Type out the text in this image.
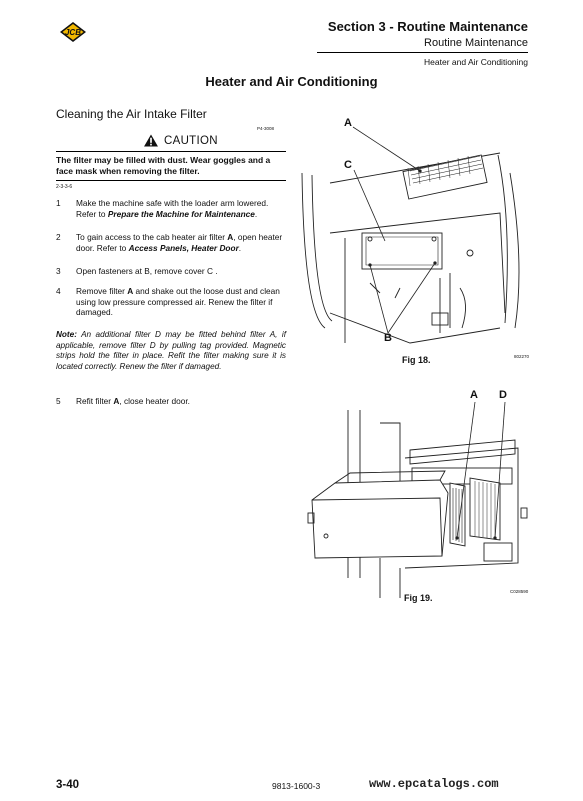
JCB	Section 3 - Routine Maintenance
Routine Maintenance
Heater and Air Conditioning
Heater and Air Conditioning
Cleaning the Air Intake Filter
P4-3008
CAUTION
The filter may be filled with dust. Wear goggles and a face mask when removing the filter.
2-3-3-6
1	Make the machine safe with the loader arm lowered. Refer to Prepare the Machine for Maintenance.
2	To gain access to the cab heater air filter A, open heater door. Refer to Access Panels, Heater Door.
3	Open fasteners at B, remove cover C .
4	Remove filter A and shake out the loose dust and clean using low pressure compressed air. Renew the filter if damaged.
Note: An additional filter D may be fitted behind filter A, if applicable, remove filter D by pulling tag provided. Magnetic strips hold the filter in place. Refit the filter making sure it is located correctly. Renew the filter if damaged.
5	Refit filter A, close heater door.
A
C
B
Fig 18.	802270
A D
Fig 19.
C028590
3-40	9813-1600-3	www.epcatalogs.com
